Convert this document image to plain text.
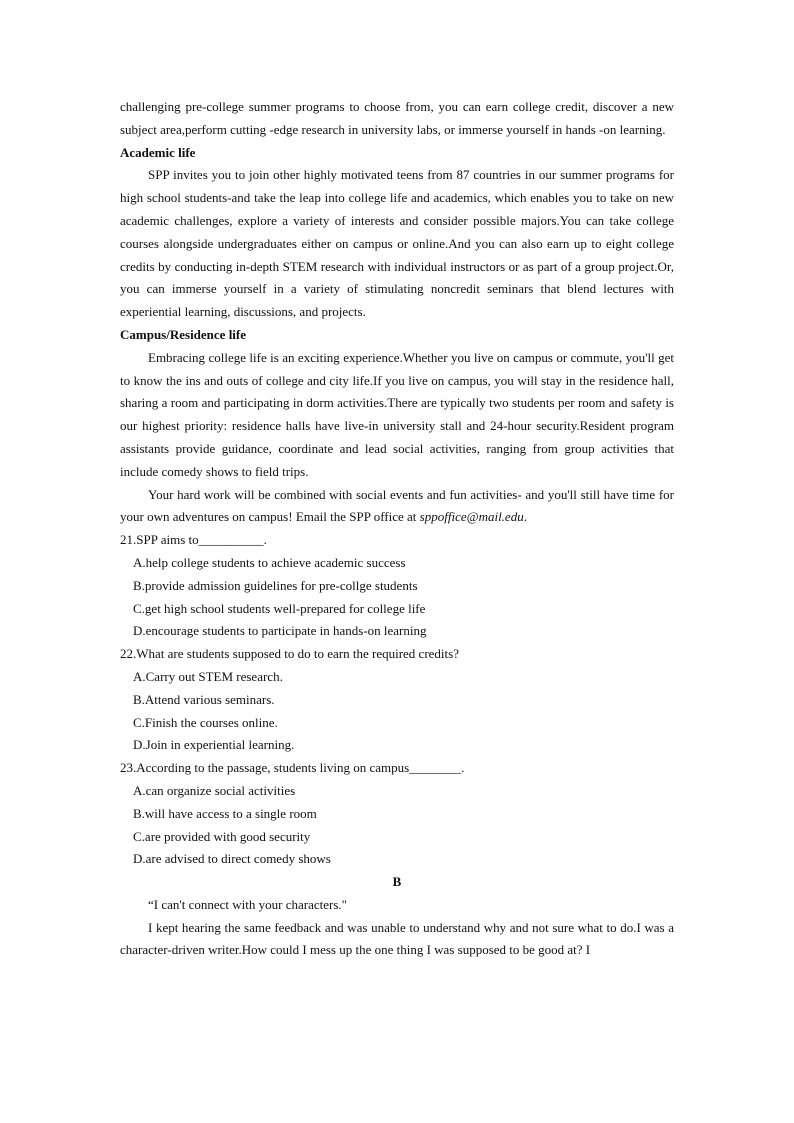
challenging pre-college summer programs to choose from, you can earn college credit, discover a new subject area,perform cutting -edge research in university labs, or immerse yourself in hands -on learning.

Academic life

SPP invites you to join other highly motivated teens from 87 countries in our summer programs for high school students-and take the leap into college life and academics, which enables you to take on new academic challenges, explore a variety of interests and consider possible majors.You can take college courses alongside undergraduates either on campus or online.And you can also earn up to eight college credits by conducting in-depth STEM research with individual instructors or as part of a group project.Or, you can immerse yourself in a variety of stimulating noncredit seminars that blend lectures with experiential learning, discussions, and projects.

Campus/Residence life

Embracing college life is an exciting experience.Whether you live on campus or commute, you'll get to know the ins and outs of college and city life.If you live on campus, you will stay in the residence hall, sharing a room and participating in dorm activities.There are typically two students per room and safety is our highest priority: residence halls have live-in university stall and 24-hour security.Resident program assistants provide guidance, coordinate and lead social activities, ranging from group activities that include comedy shows to field trips.

Your hard work will be combined with social events and fun activities- and you'll still have time for your own adventures on campus! Email the SPP office at sppoffice@mail.edu.

21.SPP aims to__________.

A.help college students to achieve academic success

B.provide admission guidelines for pre-collge students

C.get high school students well-prepared for college life

D.encourage students to participate in hands-on learning

22.What are students supposed to do to earn the required credits?

A.Carry out STEM research.

B.Attend various seminars.

C.Finish the courses online.

D.Join in experiential learning.

23.According to the passage, students living on campus________.

A.can organize social activities

B.will have access to a single room

C.are provided with good security

D.are advised to direct comedy shows

B

“I can't connect with your characters."

I kept hearing the same feedback and was unable to understand why and not sure what to do.I was a character-driven writer.How could I mess up the one thing I was supposed to be good at? I
